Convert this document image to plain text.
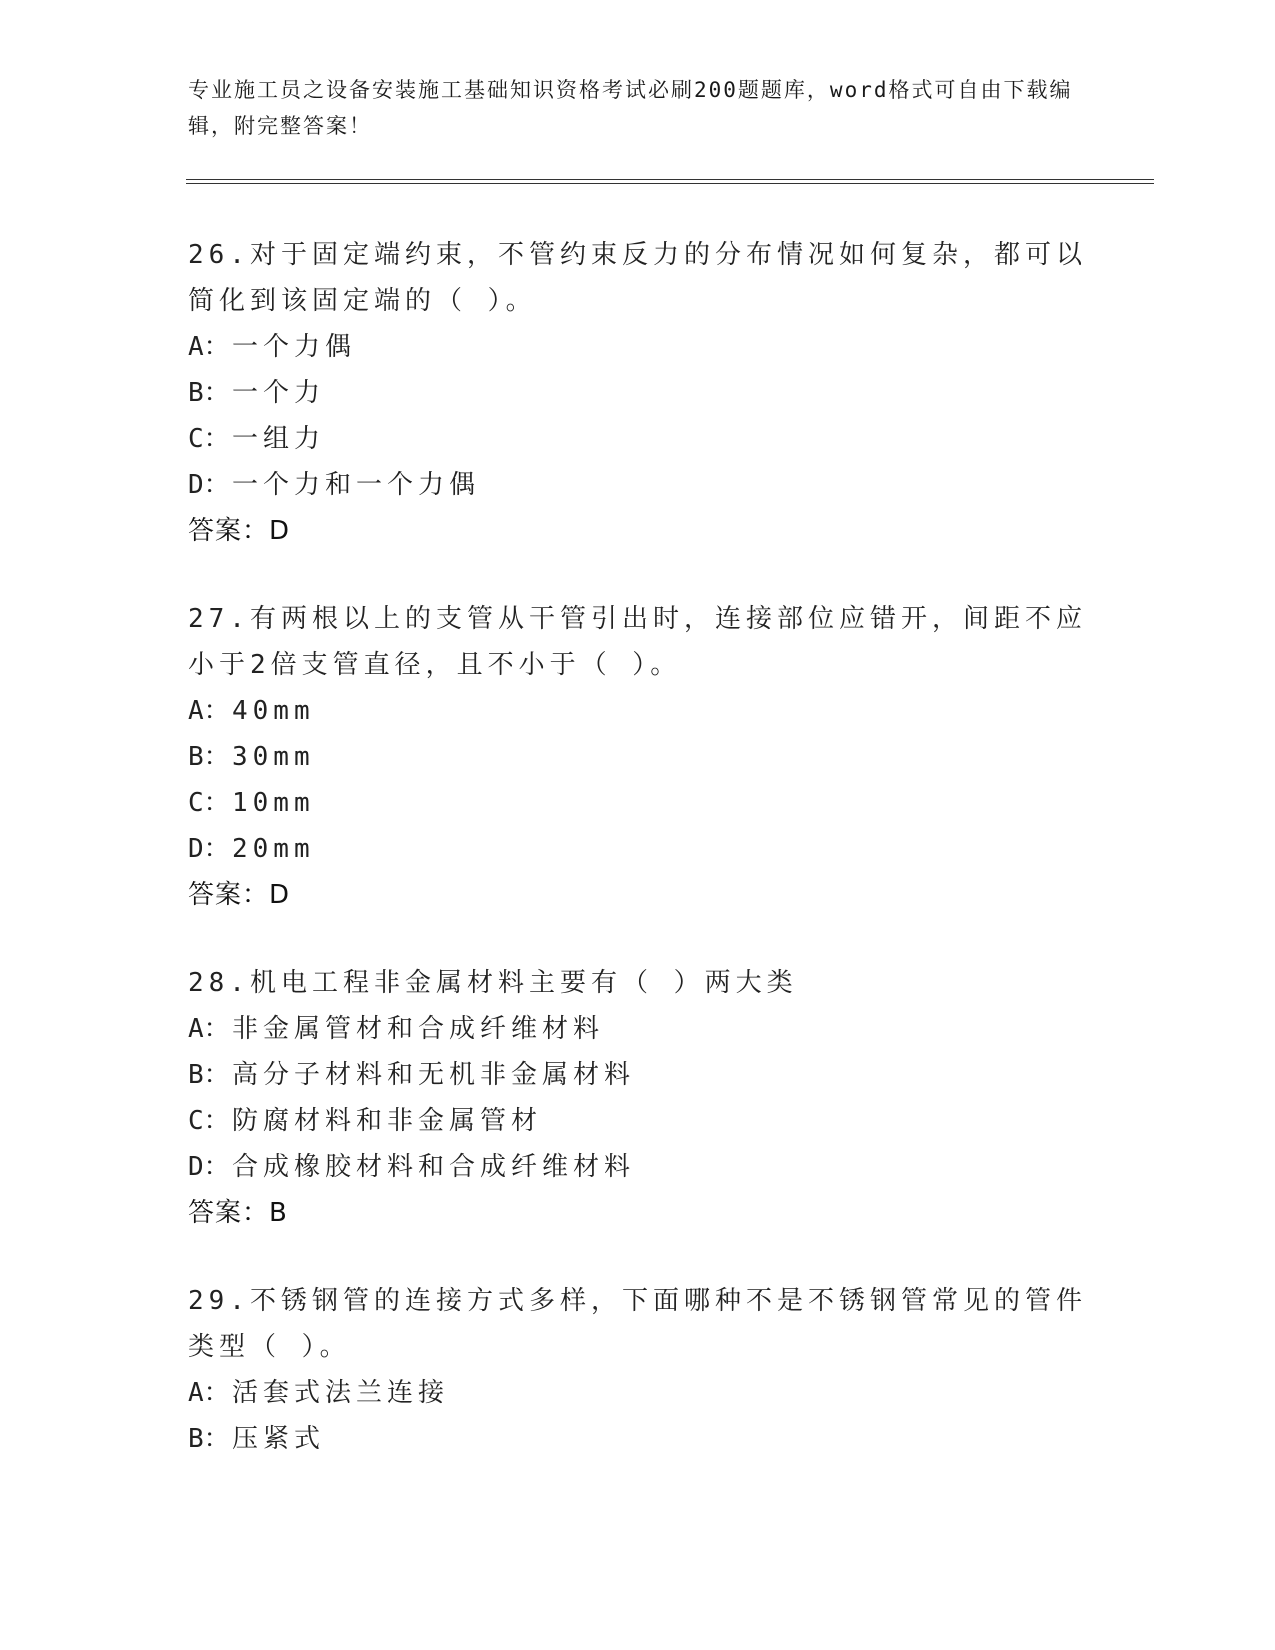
专业施工员之设备安装施工基础知识资格考试必刷200题题库，word格式可自由下载编辑，附完整答案！
26.对于固定端约束，不管约束反力的分布情况如何复杂，都可以简化到该固定端的（ ）。
A：一个力偶
B：一个力
C：一组力
D：一个力和一个力偶
答案：D
27.有两根以上的支管从干管引出时，连接部位应错开，间距不应小于2倍支管直径，且不小于（ ）。
A：40mm
B：30mm
C：10mm
D：20mm
答案：D
28.机电工程非金属材料主要有（ ）两大类
A：非金属管材和合成纤维材料
B：高分子材料和无机非金属材料
C：防腐材料和非金属管材
D：合成橡胶材料和合成纤维材料
答案：B
29.不锈钢管的连接方式多样，下面哪种不是不锈钢管常见的管件类型（ ）。
A：活套式法兰连接
B：压紧式
